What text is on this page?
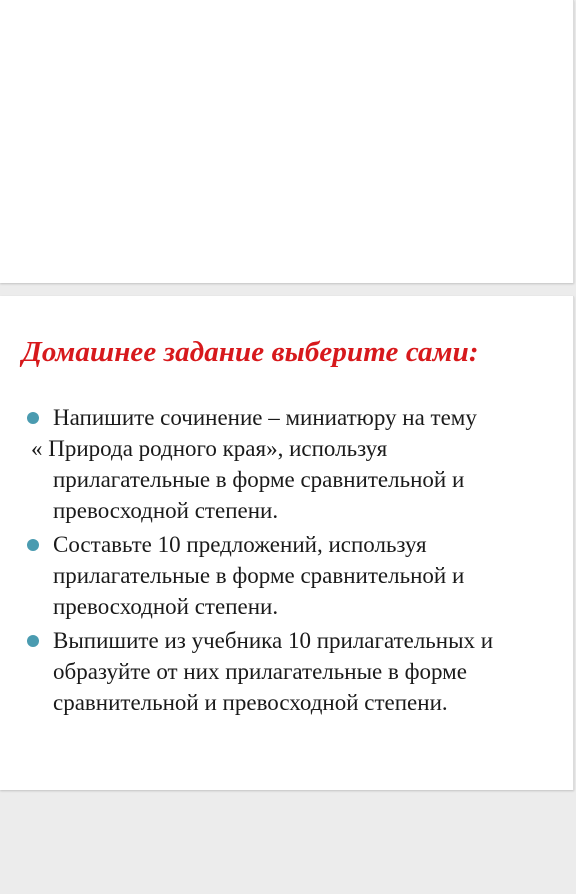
Домашнее задание выберите сами:
Напишите сочинение – миниатюру на тему
« Природа родного края», используя
прилагательные в форме сравнительной и
превосходной степени.
Составьте 10 предложений, используя
прилагательные в форме сравнительной и
превосходной степени.
Выпишите из учебника 10 прилагательных и
образуйте от них прилагательные в форме
сравнительной и превосходной степени.
